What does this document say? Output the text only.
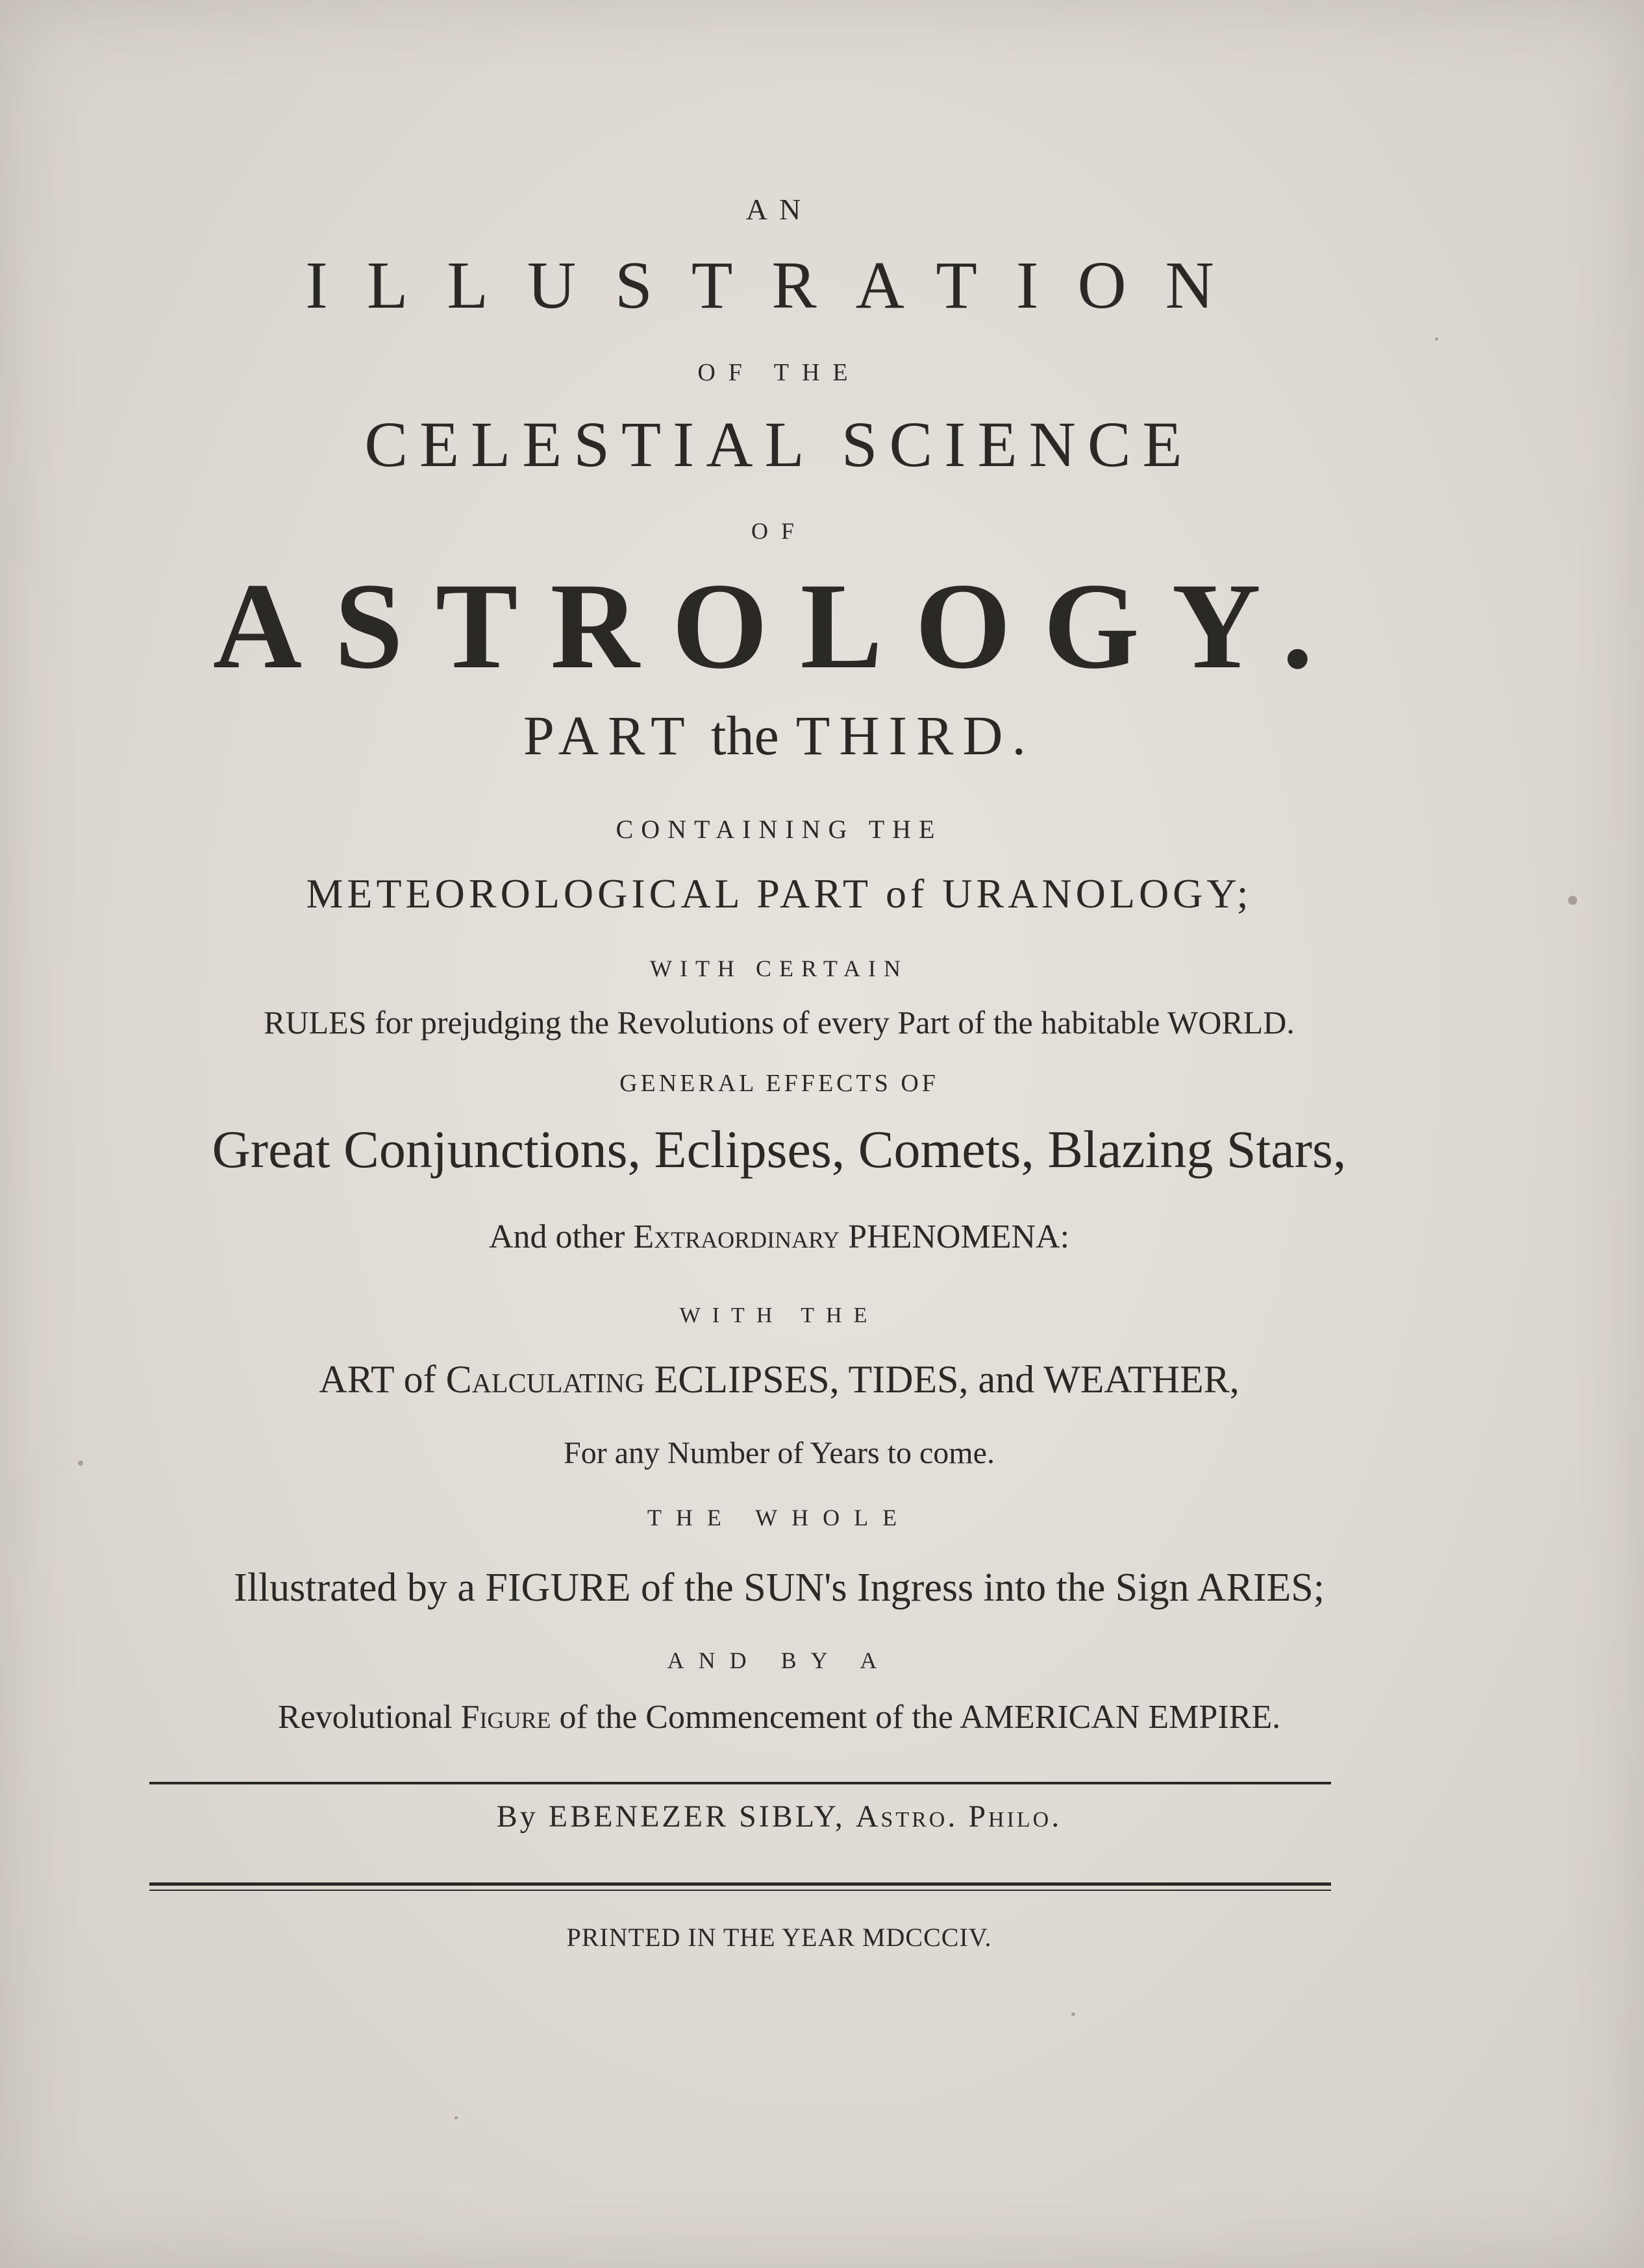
AN
ILLUSTRATION
OF THE
CELESTIAL SCIENCE
OF
ASTROLOGY.
PART the THIRD.
CONTAINING THE
METEOROLOGICAL PART of URANOLOGY;
WITH CERTAIN
RULES for prejudging the Revolutions of every Part of the habitable WORLD.
GENERAL EFFECTS OF
Great Conjunctions, Eclipses, Comets, Blazing Stars,
And other Extraordinary PHENOMENA:
WITH THE
ART of Calculating ECLIPSES, TIDES, and WEATHER,
For any Number of Years to come.
THE WHOLE
Illustrated by a FIGURE of the SUN's Ingress into the Sign ARIES;
AND BY A
Revolutional Figure of the Commencement of the AMERICAN EMPIRE.
By EBENEZER SIBLY, Astro. Philo.
PRINTED IN THE YEAR MDCCCIV.
